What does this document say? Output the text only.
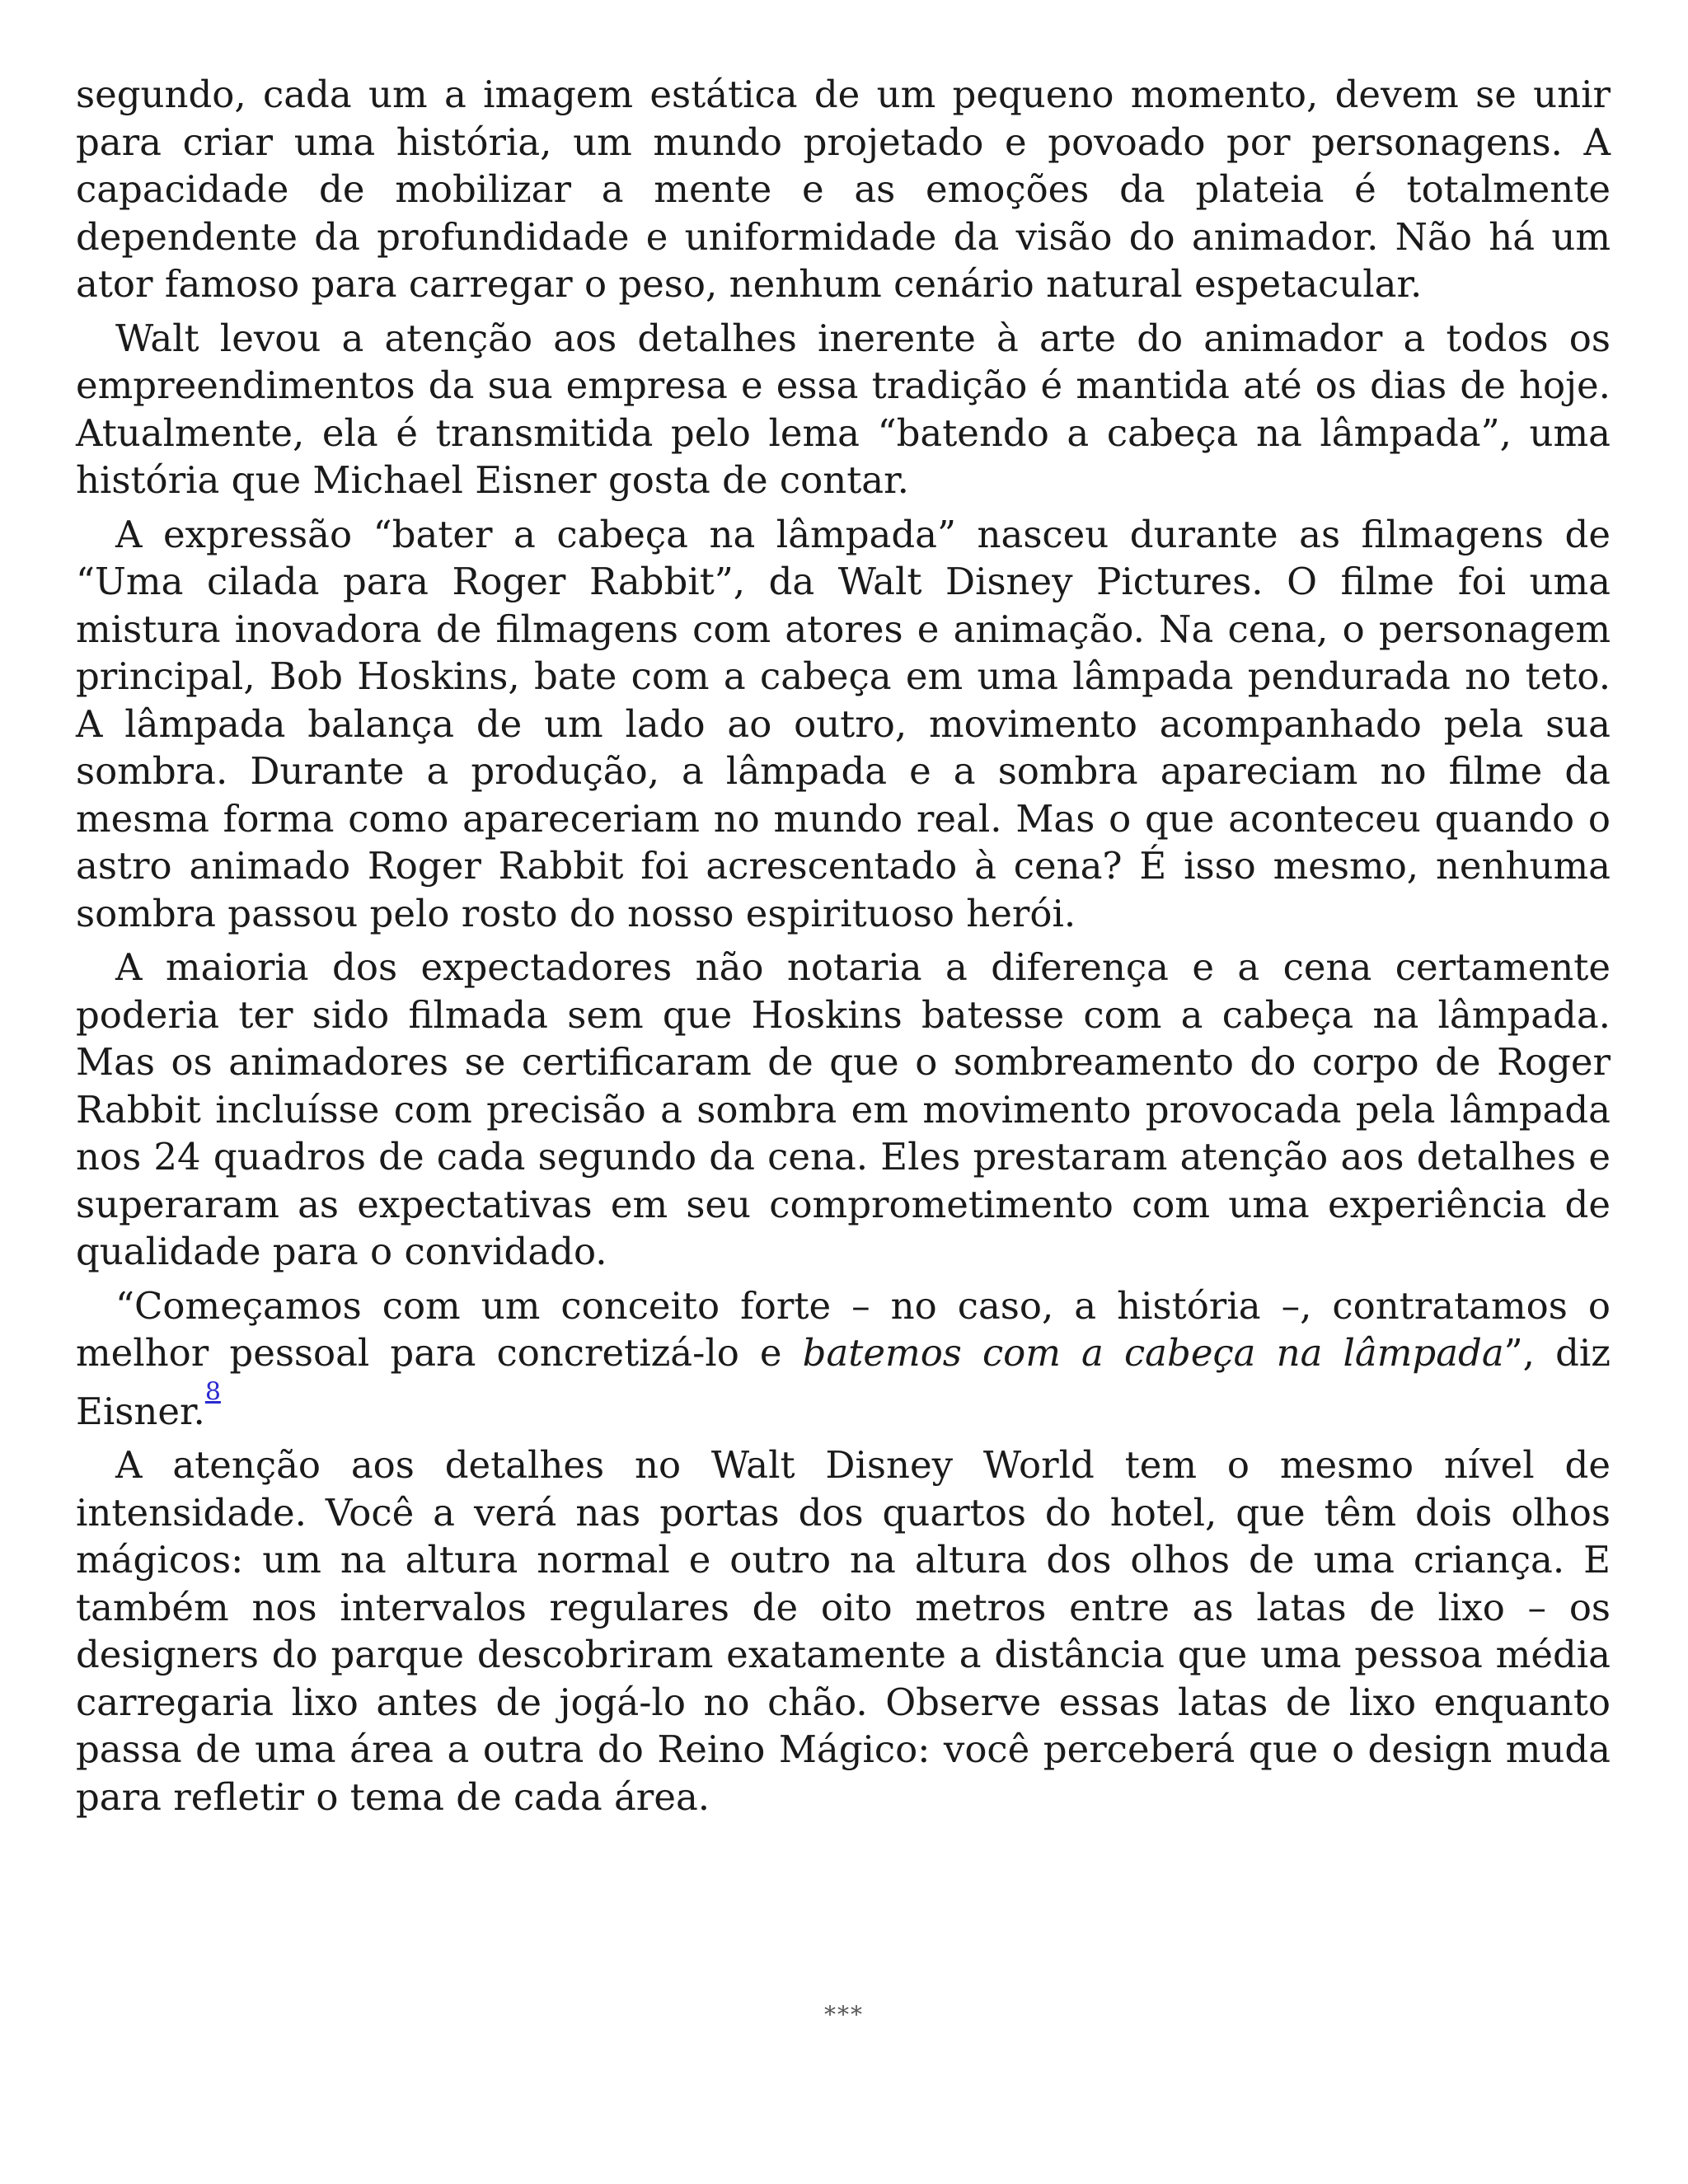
segundo, cada um a imagem estática de um pequeno momento, devem se unir para criar uma história, um mundo projetado e povoado por personagens. A capacidade de mobilizar a mente e as emoções da plateia é totalmente dependente da profundidade e uniformidade da visão do animador. Não há um ator famoso para carregar o peso, nenhum cenário natural espetacular.

Walt levou a atenção aos detalhes inerente à arte do animador a todos os empreendimentos da sua empresa e essa tradição é mantida até os dias de hoje. Atualmente, ela é transmitida pelo lema “batendo a cabeça na lâmpada”, uma história que Michael Eisner gosta de contar.

A expressão “bater a cabeça na lâmpada” nasceu durante as filmagens de “Uma cilada para Roger Rabbit”, da Walt Disney Pictures. O filme foi uma mistura inovadora de filmagens com atores e animação. Na cena, o personagem principal, Bob Hoskins, bate com a cabeça em uma lâmpada pendurada no teto. A lâmpada balança de um lado ao outro, movimento acompanhado pela sua sombra. Durante a produção, a lâmpada e a sombra apareciam no filme da mesma forma como apareceriam no mundo real. Mas o que aconteceu quando o astro animado Roger Rabbit foi acrescentado à cena? É isso mesmo, nenhuma sombra passou pelo rosto do nosso espirituoso herói.

A maioria dos expectadores não notaria a diferença e a cena certamente poderia ter sido filmada sem que Hoskins batesse com a cabeça na lâmpada. Mas os animadores se certificaram de que o sombreamento do corpo de Roger Rabbit incluísse com precisão a sombra em movimento provocada pela lâmpada nos 24 quadros de cada segundo da cena. Eles prestaram atenção aos detalhes e superaram as expectativas em seu comprometimento com uma experiência de qualidade para o convidado.

“Começamos com um conceito forte – no caso, a história –, contratamos o melhor pessoal para concretizá-lo e batemos com a cabeça na lâmpada”, diz Eisner.$^{^8}$

A atenção aos detalhes no Walt Disney World tem o mesmo nível de intensidade. Você a verá nas portas dos quartos do hotel, que têm dois olhos mágicos: um na altura normal e outro na altura dos olhos de uma criança. E também nos intervalos regulares de oito metros entre as latas de lixo – os designers do parque descobriram exatamente a distância que uma pessoa média carregaria lixo antes de jogá-lo no chão. Observe essas latas de lixo enquanto passa de uma área a outra do Reino Mágico: você perceberá que o design muda para refletir o tema de cada área.

***
